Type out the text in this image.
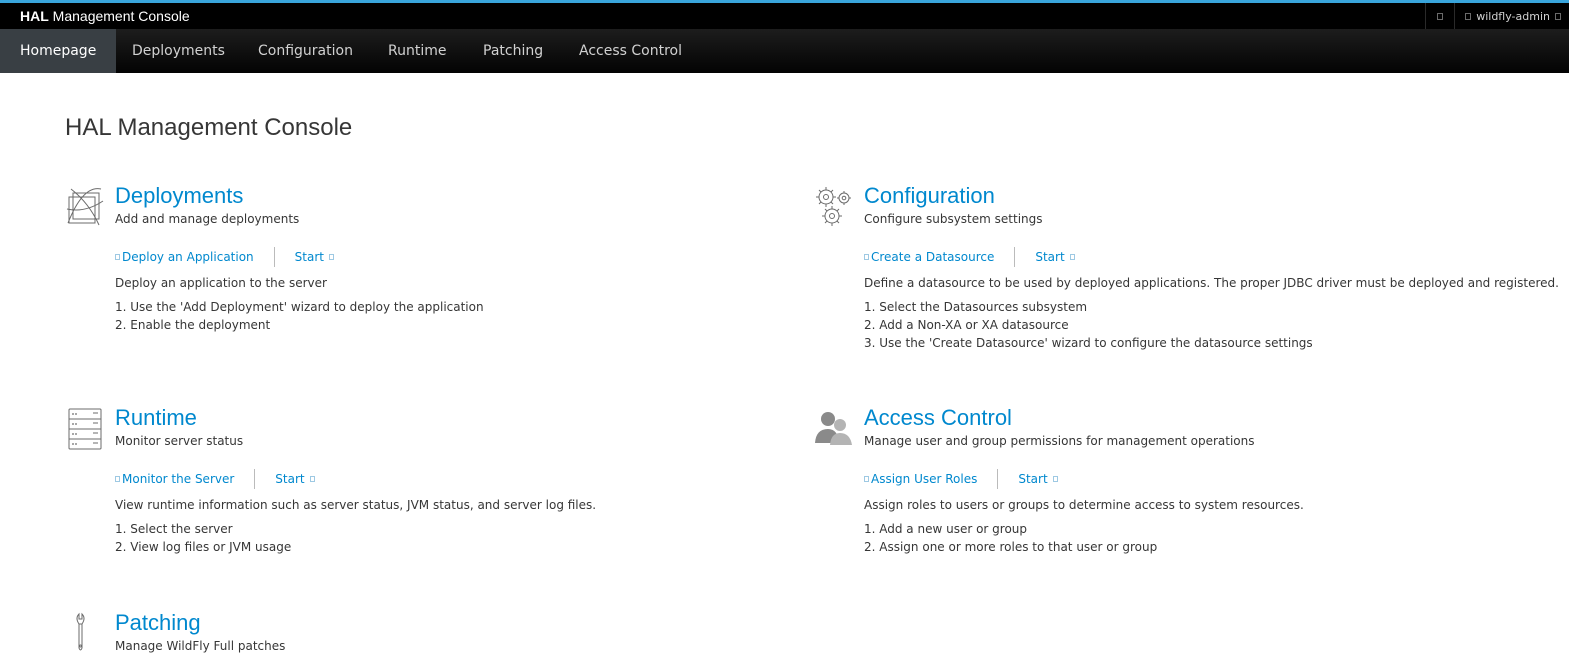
HAL Management Console	wildfly-admin
Homepage	Deployments	Configuration	Runtime	Patching	Access Control
HAL Management Console
Deployments
Add and manage deployments
Deploy an Application	Start
Deploy an application to the server
1. Use the 'Add Deployment' wizard to deploy the application
2. Enable the deployment
Configuration
Configure subsystem settings
Create a Datasource	Start
Define a datasource to be used by deployed applications. The proper JDBC driver must be deployed and registered.
1. Select the Datasources subsystem
2. Add a Non-XA or XA datasource
3. Use the 'Create Datasource' wizard to configure the datasource settings
Runtime
Monitor server status
Monitor the Server	Start
View runtime information such as server status, JVM status, and server log files.
1. Select the server
2. View log files or JVM usage
Access Control
Manage user and group permissions for management operations
Assign User Roles	Start
Assign roles to users or groups to determine access to system resources.
1. Add a new user or group
2. Assign one or more roles to that user or group
Patching
Manage WildFly Full patches
